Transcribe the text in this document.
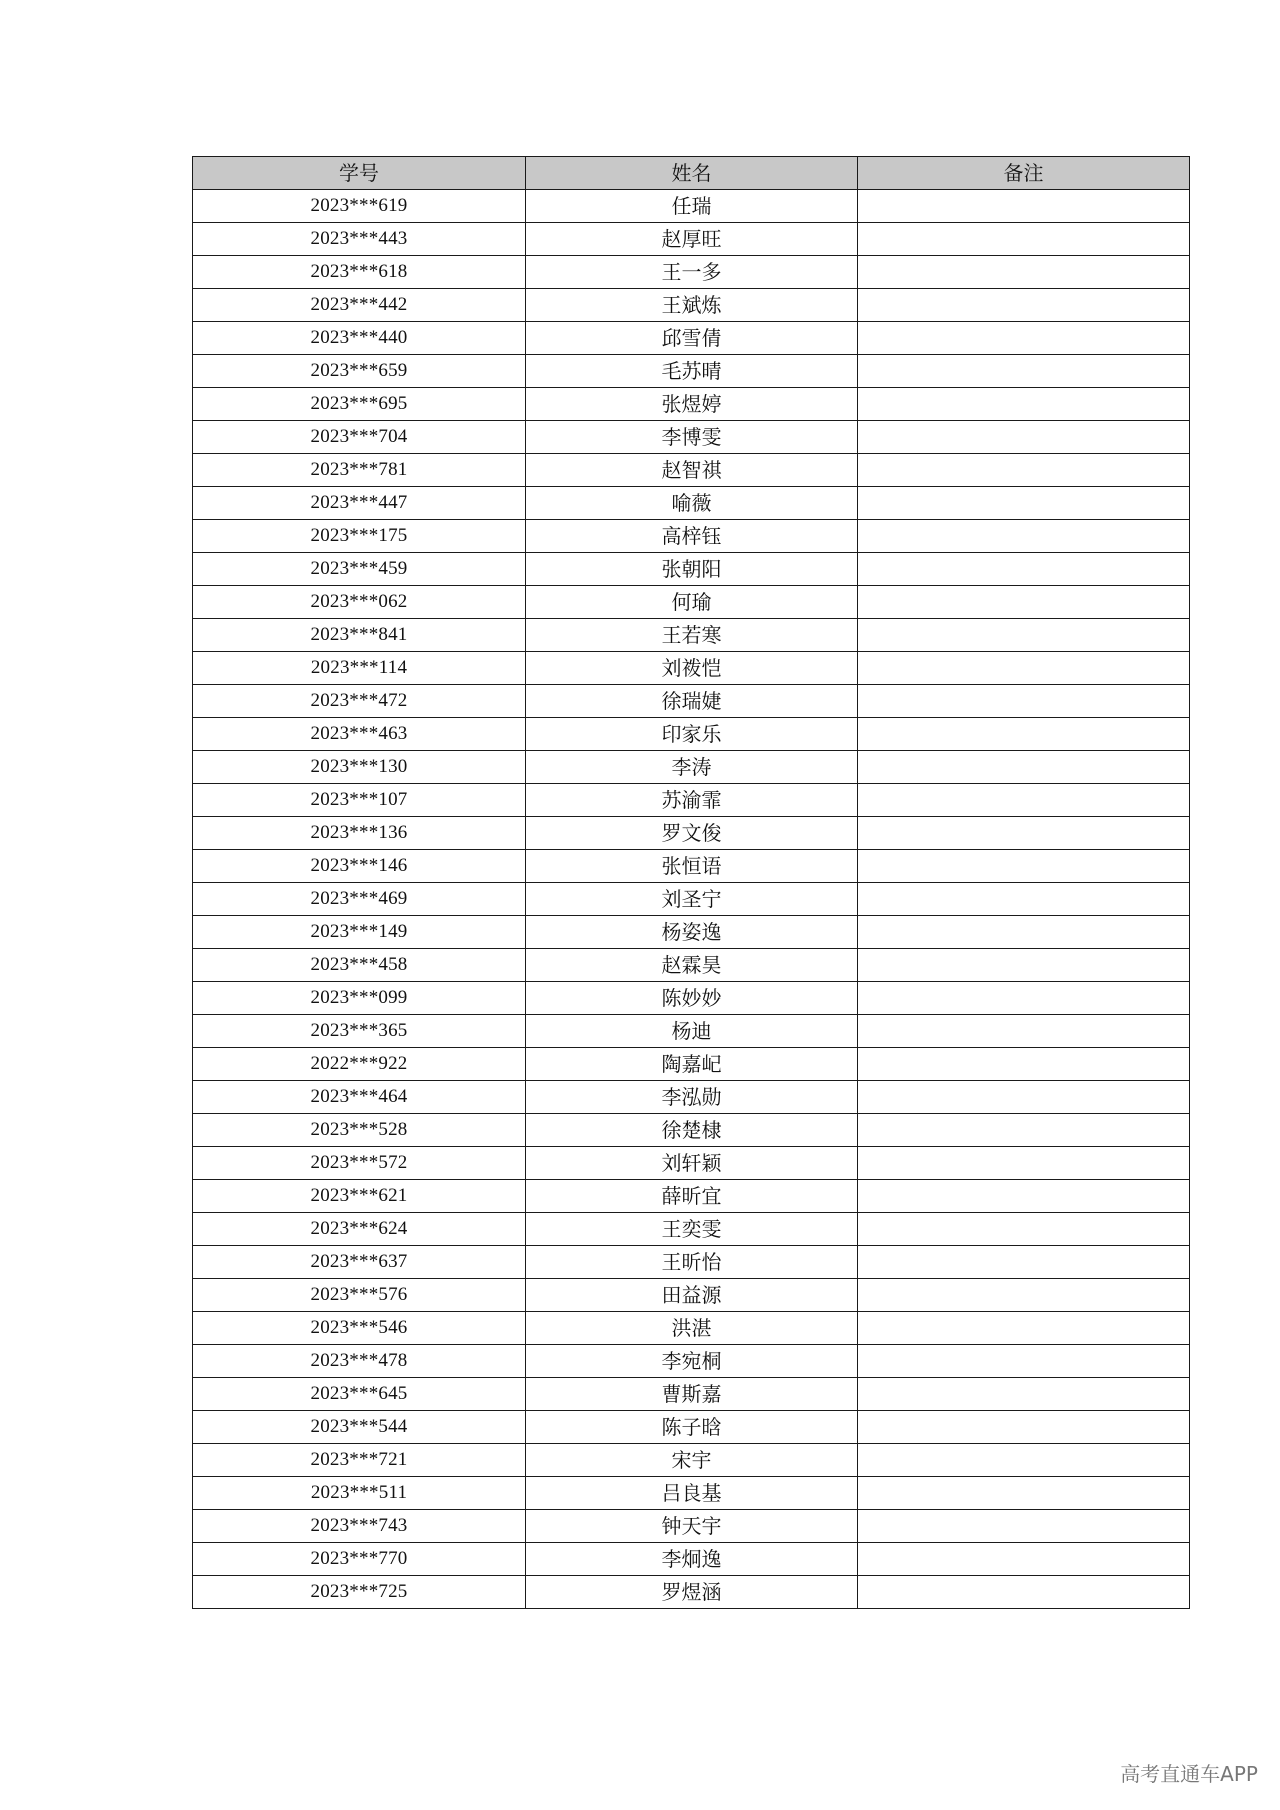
学号	姓名	备注
2023***619	任瑞	
2023***443	赵厚旺	
2023***618	王一多	
2023***442	王斌炼	
2023***440	邱雪倩	
2023***659	毛苏晴	
2023***695	张煜婷	
2023***704	李博雯	
2023***781	赵智祺	
2023***447	喻薇	
2023***175	高梓钰	
2023***459	张朝阳	
2023***062	何瑜	
2023***841	王若寒	
2023***114	刘袯恺	
2023***472	徐瑞婕	
2023***463	印家乐	
2023***130	李涛	
2023***107	苏渝霏	
2023***136	罗文俊	
2023***146	张恒语	
2023***469	刘圣宁	
2023***149	杨姿逸	
2023***458	赵霖昊	
2023***099	陈妙妙	
2023***365	杨迪	
2022***922	陶嘉屺	
2023***464	李泓勋	
2023***528	徐楚棣	
2023***572	刘轩颖	
2023***621	薛昕宜	
2023***624	王奕雯	
2023***637	王昕怡	
2023***576	田益源	
2023***546	洪湛	
2023***478	李宛桐	
2023***645	曹斯嘉	
2023***544	陈子晗	
2023***721	宋宇	
2023***511	吕良基	
2023***743	钟天宇	
2023***770	李炯逸	
2023***725	罗煜涵	
高考直通车APP
